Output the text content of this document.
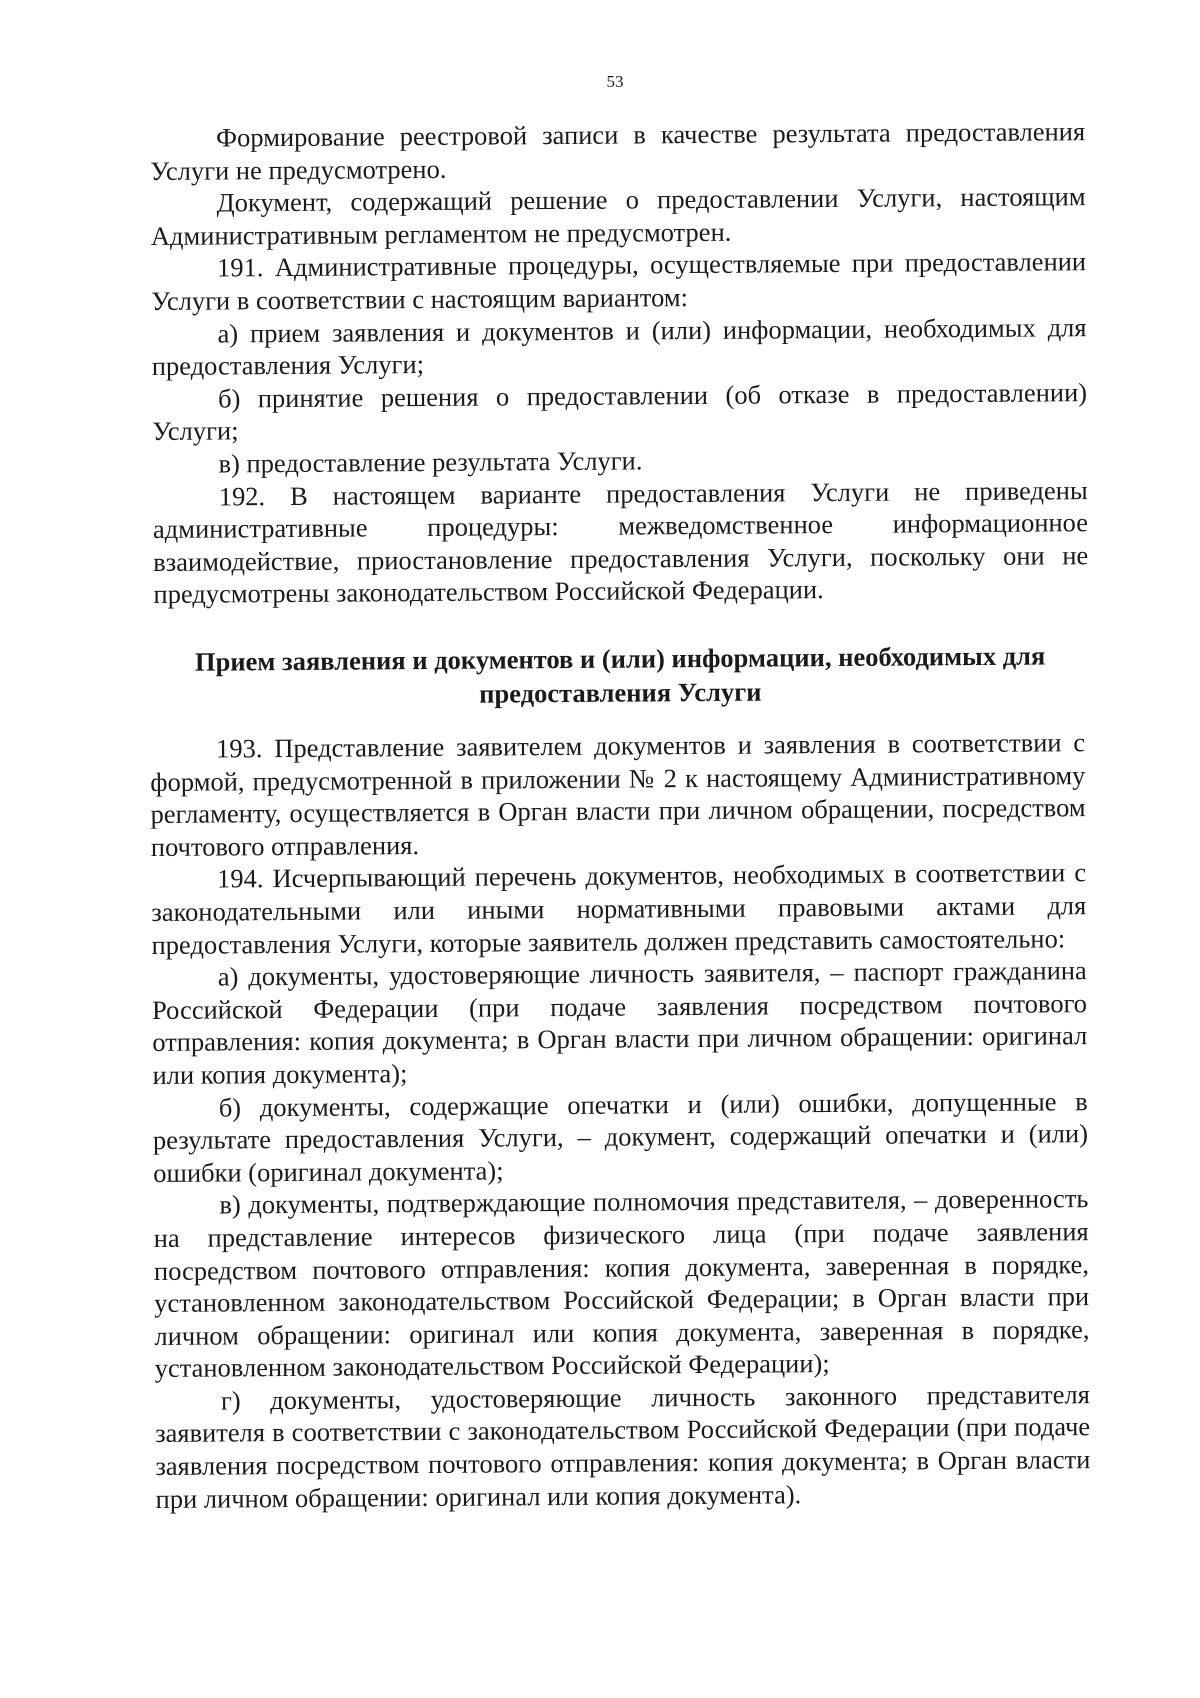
53

Формирование реестровой записи в качестве результата предоставления Услуги не предусмотрено.

Документ, содержащий решение о предоставлении Услуги, настоящим Административным регламентом не предусмотрен.

191. Административные процедуры, осуществляемые при предоставлении Услуги в соответствии с настоящим вариантом:

а) прием заявления и документов и (или) информации, необходимых для предоставления Услуги;

б) принятие решения о предоставлении (об отказе в предоставлении) Услуги;

в) предоставление результата Услуги.

192. В настоящем варианте предоставления Услуги не приведены административные процедуры: межведомственное информационное взаимодействие, приостановление предоставления Услуги, поскольку они не предусмотрены законодательством Российской Федерации.

Прием заявления и документов и (или) информации, необходимых для предоставления Услуги

193. Представление заявителем документов и заявления в соответствии с формой, предусмотренной в приложении № 2 к настоящему Административному регламенту, осуществляется в Орган власти при личном обращении, посредством почтового отправления.

194. Исчерпывающий перечень документов, необходимых в соответствии с законодательными или иными нормативными правовыми актами для предоставления Услуги, которые заявитель должен представить самостоятельно:

а) документы, удостоверяющие личность заявителя, – паспорт гражданина Российской Федерации (при подаче заявления посредством почтового отправления: копия документа; в Орган власти при личном обращении: оригинал или копия документа);

б) документы, содержащие опечатки и (или) ошибки, допущенные в результате предоставления Услуги, – документ, содержащий опечатки и (или) ошибки (оригинал документа);

в) документы, подтверждающие полномочия представителя, – доверенность на представление интересов физического лица (при подаче заявления посредством почтового отправления: копия документа, заверенная в порядке, установленном законодательством Российской Федерации; в Орган власти при личном обращении: оригинал или копия документа, заверенная в порядке, установленном законодательством Российской Федерации);

г) документы, удостоверяющие личность законного представителя заявителя в соответствии с законодательством Российской Федерации (при подаче заявления посредством почтового отправления: копия документа; в Орган власти при личном обращении: оригинал или копия документа).
